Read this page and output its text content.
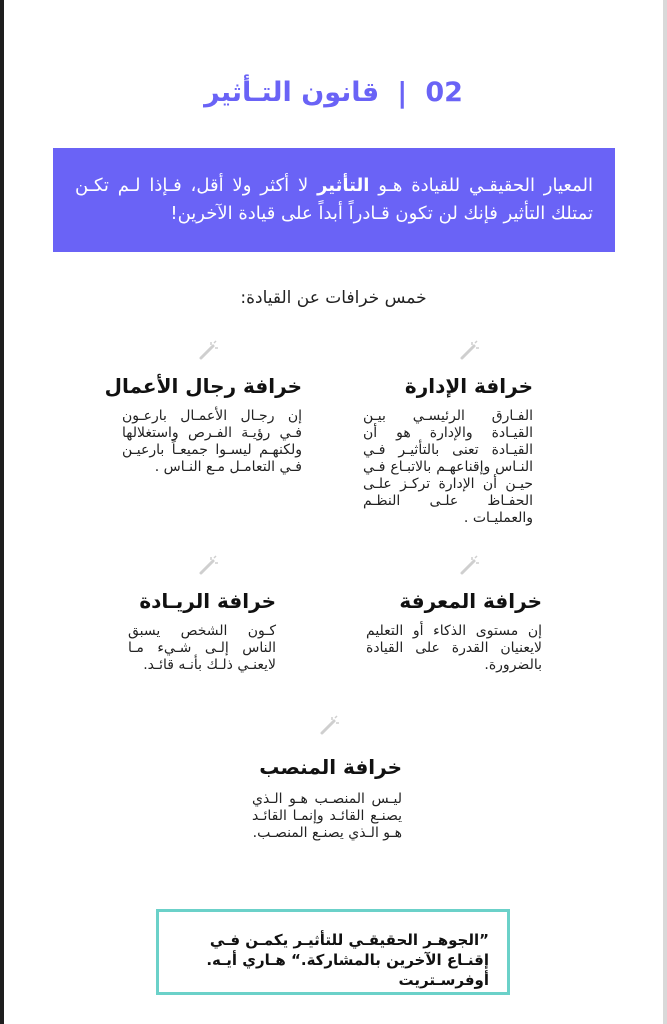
02
|
قانون التـأثير
المعيار الحقيقـي للقيادة هـو التأثير لا أكثر ولا أقل، فـإذا لـم تكـن تمتلك التأثير فإنك لن تكون قـادراً أبداً على قيادة الآخرين!
خمس خرافات عن القيادة:
خرافة الإدارة

الفـارق الرئيسـي بيـن القيـادة والإدارة هو أن القيـادة تعنى بالتأثيـر فـي النـاس وإقناعهـم بالاتبـاع فـي حيـن أن الإدارة تركـز علـى الحفـاظ علـى النظـم والعمليـات .

خرافة رجال الأعمال

إن رجـال الأعمـال بارعـون فـي رؤيـة الفـرص واستغلالها ولكنهـم ليسـوا جميعـاً بارعيـن فـي التعامـل مـع النـاس .

خرافة المعرفة

إن مستوى الذكاء أو التعليم لايعنيان القدرة على القيادة بالضرورة.

خرافة الريـادة

كـون الشخص يسبق الناس إلـى شـيء مـا لايعنـي ذلـك بأنـه قائـد.

خرافة المنصب

ليـس المنصـب هـو الـذي يصنـع القائـد وإنمـا القائـد هـو الـذي يصنـع المنصـب.

”الجوهـر الحقيقـي للتأثيـر يكمـن فـي إقنـاع الآخرين بالمشاركة.“ هـاري أيـه. أوفرسـتريت
